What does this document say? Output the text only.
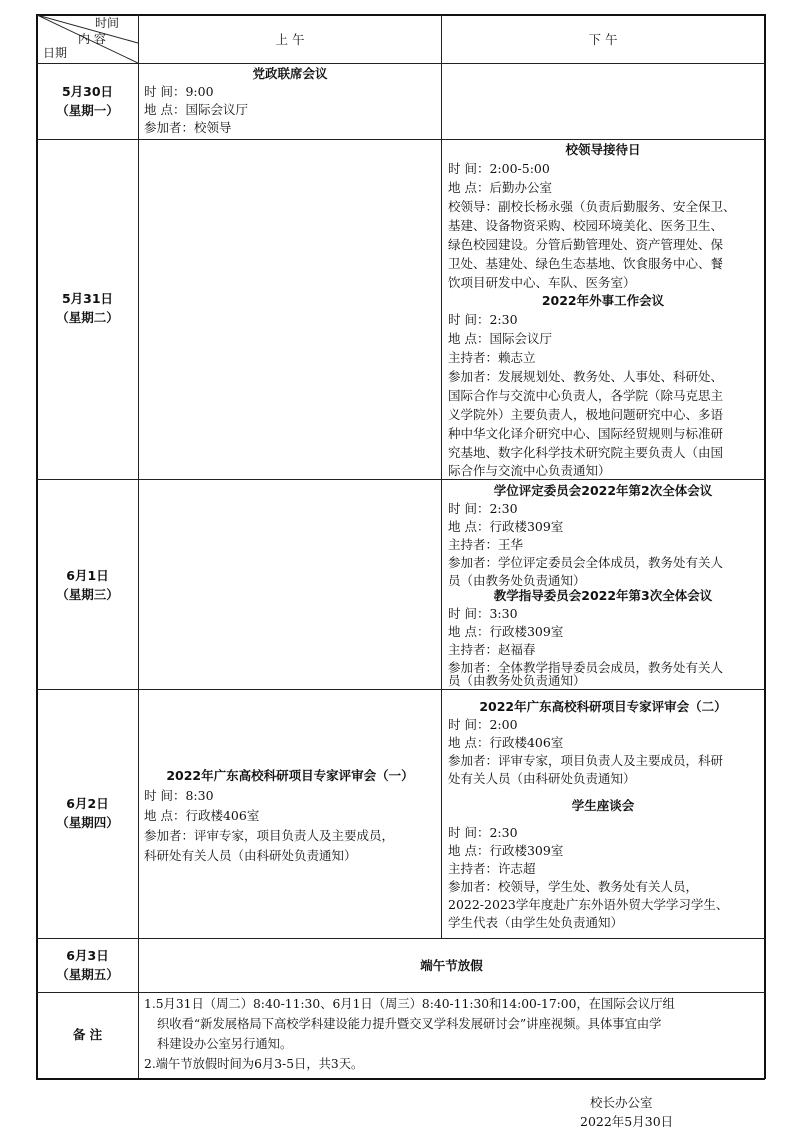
时间
内 容
日期
上 午	下 午
5月30日
（星期一）
党政联席会议
时 间：9:00
地 点：国际会议厅
参加者：校领导
5月31日
（星期二）
校领导接待日
时 间：2:00-5:00
地 点：后勤办公室
校领导：副校长杨永强（负责后勤服务、安全保卫、
基建、设备物资采购、校园环境美化、医务卫生、
绿色校园建设。分管后勤管理处、资产管理处、保
卫处、基建处、绿色生态基地、饮食服务中心、餐
饮项目研发中心、车队、医务室）
2022年外事工作会议
时 间：2:30
地 点：国际会议厅
主持者：赖志立
参加者：发展规划处、教务处、人事处、科研处、
国际合作与交流中心负责人，各学院（除马克思主
义学院外）主要负责人，极地问题研究中心、多语
种中华文化译介研究中心、国际经贸规则与标准研
究基地、数字化科学技术研究院主要负责人（由国
际合作与交流中心负责通知）
6月1日
（星期三）
学位评定委员会2022年第2次全体会议
时 间：2:30
地 点：行政楼309室
主持者：王华
参加者：学位评定委员会全体成员，教务处有关人
员（由教务处负责通知）
教学指导委员会2022年第3次全体会议
时 间：3:30
地 点：行政楼309室
主持者：赵福春
参加者：全体教学指导委员会成员，教务处有关人
员（由教务处负责通知）
6月2日
（星期四）
2022年广东高校科研项目专家评审会（一）
时 间：8:30
地 点：行政楼406室
参加者：评审专家，项目负责人及主要成员，
科研处有关人员（由科研处负责通知）
2022年广东高校科研项目专家评审会（二）
时 间：2:00
地 点：行政楼406室
参加者：评审专家，项目负责人及主要成员，科研
处有关人员（由科研处负责通知）
学生座谈会
时 间：2:30
地 点：行政楼309室
主持者：许志超
参加者：校领导，学生处、教务处有关人员，
2022-2023学年度赴广东外语外贸大学学习学生、
学生代表（由学生处负责通知）
6月3日
（星期五）
端午节放假
备 注
1.5月31日（周二）8:40-11:30、6月1日（周三）8:40-11:30和14:00-17:00，在国际会议厅组
织收看“新发展格局下高校学科建设能力提升暨交叉学科发展研讨会”讲座视频。具体事宜由学
科建设办公室另行通知。
2.端午节放假时间为6月3-5日，共3天。
校长办公室
2022年5月30日
